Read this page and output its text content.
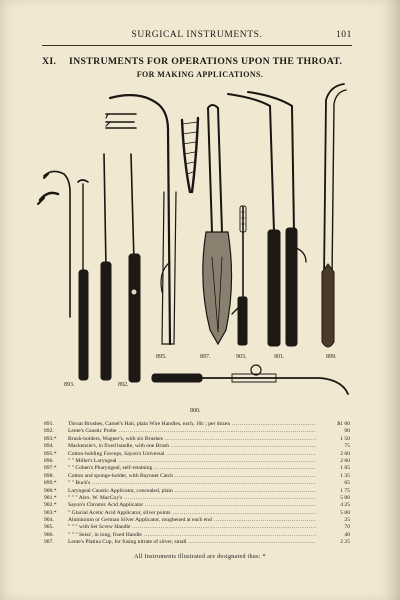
SURGICAL INSTRUMENTS.	101
XI. INSTRUMENTS FOR OPERATIONS UPON THE THROAT.
FOR MAKING APPLICATIONS.
895.	897.	903.	901.	899.
893.	892.
900.
891.	Throat Brushes, Camel's Hair, plain Wire Handles, each, 10c ; per dozen .....	$1 00
892.	Lente's Caustic Probe .....	90
893.*	Brush-holders, Wagner's, with six Brushes .....	1 50
894.	Mackenzie's, in fixed handle, with one Brush .....	75
895.*	Cotton-holding Forceps, Sayon's Universal .....	2 60
896.	" " Miller's Laryngeal .....	2 60
897.*	" " Cohen's Pharyngeal, self-retaining .....	1 85
898.	Cotton and sponge-holder, with Bayonet Catch .....	1 35
899.*	" " Buck's .....	65
900.*	Laryngeal Caustic Applicator, concealed, plain .....	1 75
901.*	" " " Alex. W. MacCoy's .....	5 00
902.*	Sayon's Chromic Acid Applicator .....	4 25
903.*	" Glacial Acetic Acid Applicator, silver points .....	5 00
904.	Aluminium or German Silver Applicator, roughened at each end .....	25
905.	" " " with Set Screw Handle .....	70
906.	" " " Seiss', in long, fixed Handle .....	40
907.	Lente's Platina Cup, for fusing nitrate of silver, small .....	2 25
All Instruments illustrated are designated thus: *
